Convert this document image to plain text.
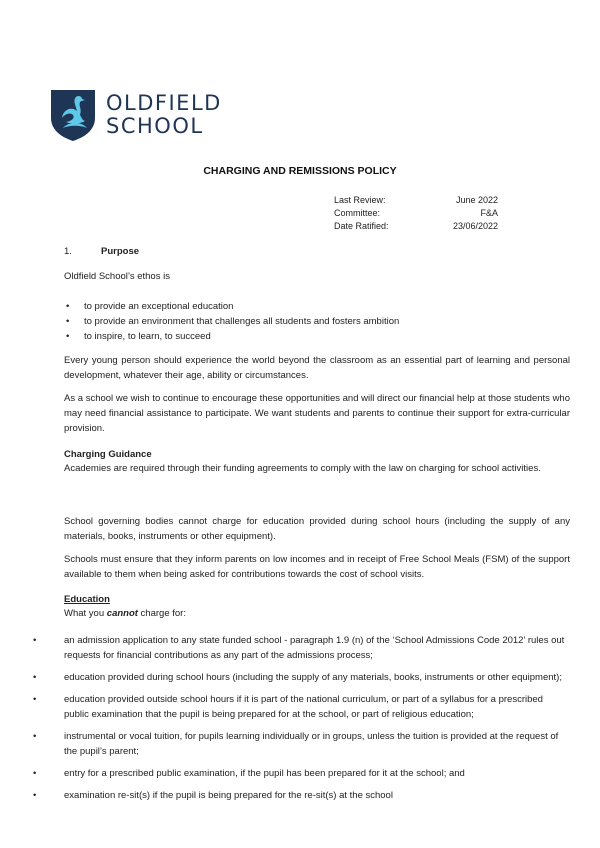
OLDFIELD
SCHOOL
CHARGING AND REMISSIONS POLICY
Last Review:	June 2022
Committee:	F&A
Date Ratified:	23/06/2022
1.	Purpose

Oldfield School’s ethos is

• to provide an exceptional education
• to provide an environment that challenges all students and fosters ambition
• to inspire, to learn, to succeed

Every young person should experience the world beyond the classroom as an essential part of learning and personal development, whatever their age, ability or circumstances.

As a school we wish to continue to encourage these opportunities and will direct our financial help at those students who may need financial assistance to participate. We want students and parents to continue their support for extra-curricular provision.

Charging Guidance

Academies are required through their funding agreements to comply with the law on charging for school activities.

School governing bodies cannot charge for education provided during school hours (including the supply of any materials, books, instruments or other equipment).

Schools must ensure that they inform parents on low incomes and in receipt of Free School Meals (FSM) of the support available to them when being asked for contributions towards the cost of school visits.

Education

What you cannot charge for:

• an admission application to any state funded school - paragraph 1.9 (n) of the ‘School Admissions Code 2012’ rules out requests for financial contributions as any part of the admissions process;
• education provided during school hours (including the supply of any materials, books, instruments or other equipment);
• education provided outside school hours if it is part of the national curriculum, or part of a syllabus for a prescribed public examination that the pupil is being prepared for at the school, or part of religious education;
• instrumental or vocal tuition, for pupils learning individually or in groups, unless the tuition is provided at the request of the pupil’s parent;
• entry for a prescribed public examination, if the pupil has been prepared for it at the school; and
• examination re-sit(s) if the pupil is being prepared for the re-sit(s) at the school
